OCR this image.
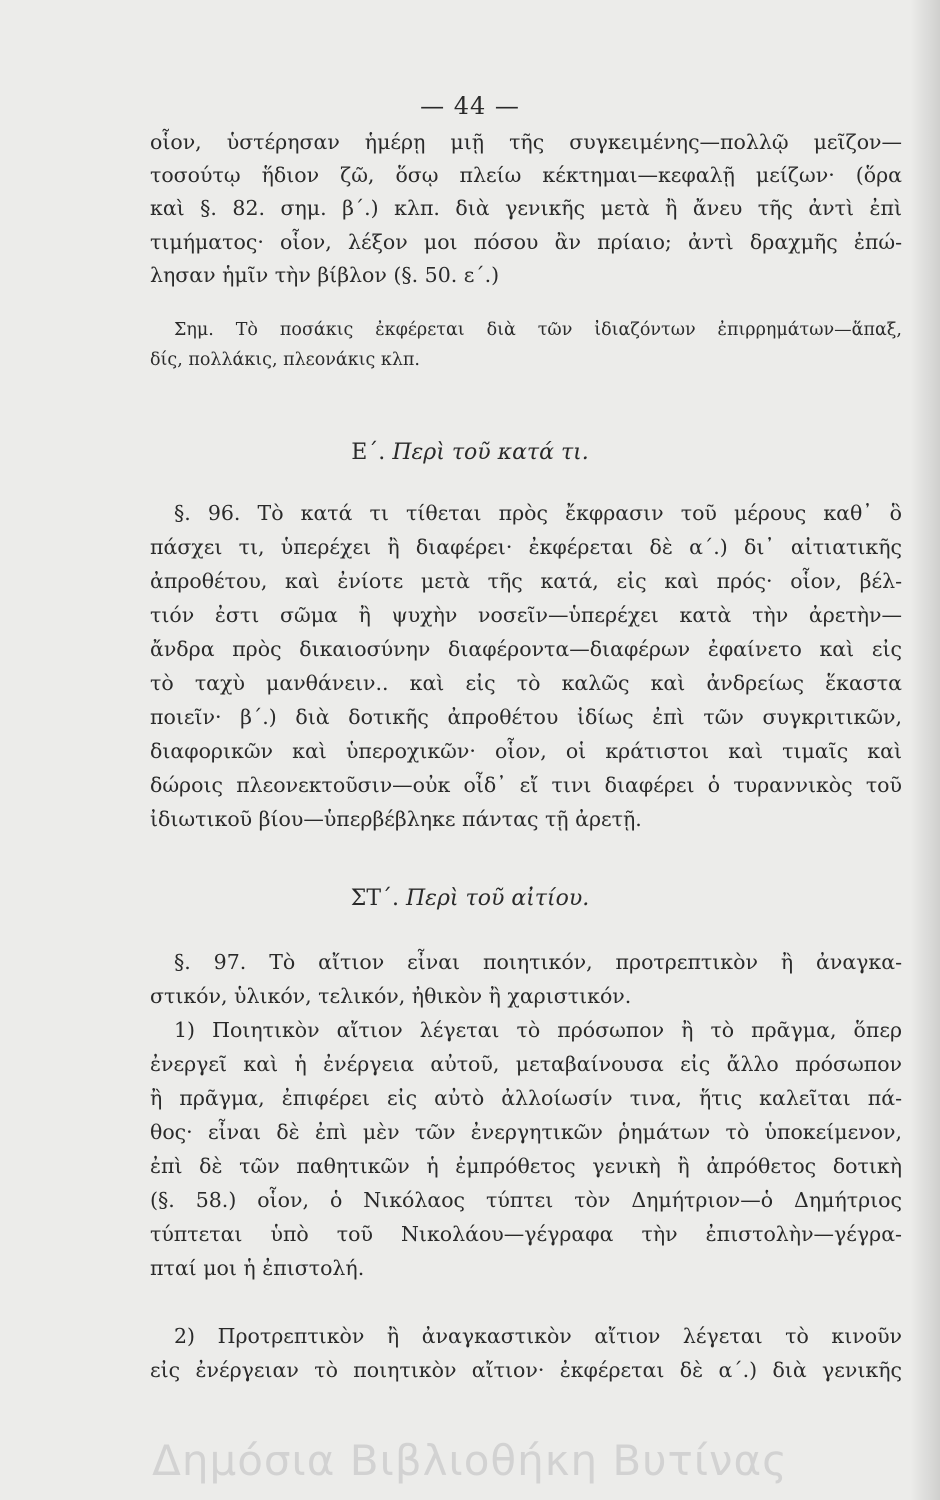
— 44 —
οἷον, ὑστέρησαν ἡμέρῃ μιῇ τῆς συγκειμένης—πολλῷ μεῖζον—
τοσούτῳ ἥδιον ζῶ, ὅσῳ πλείω κέκτημαι—κεφαλῇ μείζων· (ὅρα
καὶ §. 82. σημ. β΄.) κλπ. διὰ γενικῆς μετὰ ἢ ἄνευ τῆς ἀντὶ ἐπὶ
τιμήματος· οἷον, λέξον μοι πόσου ἂν πρίαιο; ἀντὶ δραχμῆς ἐπώ-
λησαν ἡμῖν τὴν βίβλον (§. 50. ε΄.)
Σημ. Τὸ ποσάκις ἐκφέρεται διὰ τῶν ἰδιαζόντων ἐπιρρημάτων—ἅπαξ,
δίς, πολλάκις, πλεονάκις κλπ.
Ε΄. Περὶ τοῦ κατά τι.
§. 96. Τὸ κατά τι τίθεται πρὸς ἔκφρασιν τοῦ μέρους καθ᾽ ὃ
πάσχει τι, ὑπερέχει ἢ διαφέρει· ἐκφέρεται δὲ α΄.) δι᾽ αἰτιατικῆς
ἀπροθέτου, καὶ ἐνίοτε μετὰ τῆς κατά, εἰς καὶ πρός· οἷον, βέλ-
τιόν ἐστι σῶμα ἢ ψυχὴν νοσεῖν—ὑπερέχει κατὰ τὴν ἀρετὴν—
ἄνδρα πρὸς δικαιοσύνην διαφέροντα—διαφέρων ἐφαίνετο καὶ εἰς
τὸ ταχὺ μανθάνειν.. καὶ εἰς τὸ καλῶς καὶ ἀνδρείως ἕκαστα
ποιεῖν· β΄.) διὰ δοτικῆς ἀπροθέτου ἰδίως ἐπὶ τῶν συγκριτικῶν,
διαφορικῶν καὶ ὑπεροχικῶν· οἷον, οἱ κράτιστοι καὶ τιμαῖς καὶ
δώροις πλεονεκτοῦσιν—οὐκ οἶδ᾽ εἴ τινι διαφέρει ὁ τυραννικὸς τοῦ
ἰδιωτικοῦ βίου—ὑπερβέβληκε πάντας τῇ ἀρετῇ.
ΣΤ΄. Περὶ τοῦ αἰτίου.
§. 97. Τὸ αἴτιον εἶναι ποιητικόν, προτρεπτικὸν ἢ ἀναγκα-
στικόν, ὑλικόν, τελικόν, ἠθικὸν ἢ χαριστικόν.
1) Ποιητικὸν αἴτιον λέγεται τὸ πρόσωπον ἢ τὸ πρᾶγμα, ὅπερ
ἐνεργεῖ καὶ ἡ ἐνέργεια αὐτοῦ, μεταβαίνουσα εἰς ἄλλο πρόσωπον
ἢ πρᾶγμα, ἐπιφέρει εἰς αὐτὸ ἀλλοίωσίν τινα, ἥτις καλεῖται πά-
θος· εἶναι δὲ ἐπὶ μὲν τῶν ἐνεργητικῶν ῥημάτων τὸ ὑποκείμενον,
ἐπὶ δὲ τῶν παθητικῶν ἡ ἐμπρόθετος γενικὴ ἢ ἀπρόθετος δοτικὴ
(§. 58.) οἷον, ὁ Νικόλαος τύπτει τὸν Δημήτριον—ὁ Δημήτριος
τύπτεται ὑπὸ τοῦ Νικολάου—γέγραφα τὴν ἐπιστολὴν—γέγρα-
πταί μοι ἡ ἐπιστολή.
2) Προτρεπτικὸν ἢ ἀναγκαστικὸν αἴτιον λέγεται τὸ κινοῦν
εἰς ἐνέργειαν τὸ ποιητικὸν αἴτιον· ἐκφέρεται δὲ α΄.) διὰ γενικῆς
Δημόσια Βιβλιοθήκη Βυτίνας
